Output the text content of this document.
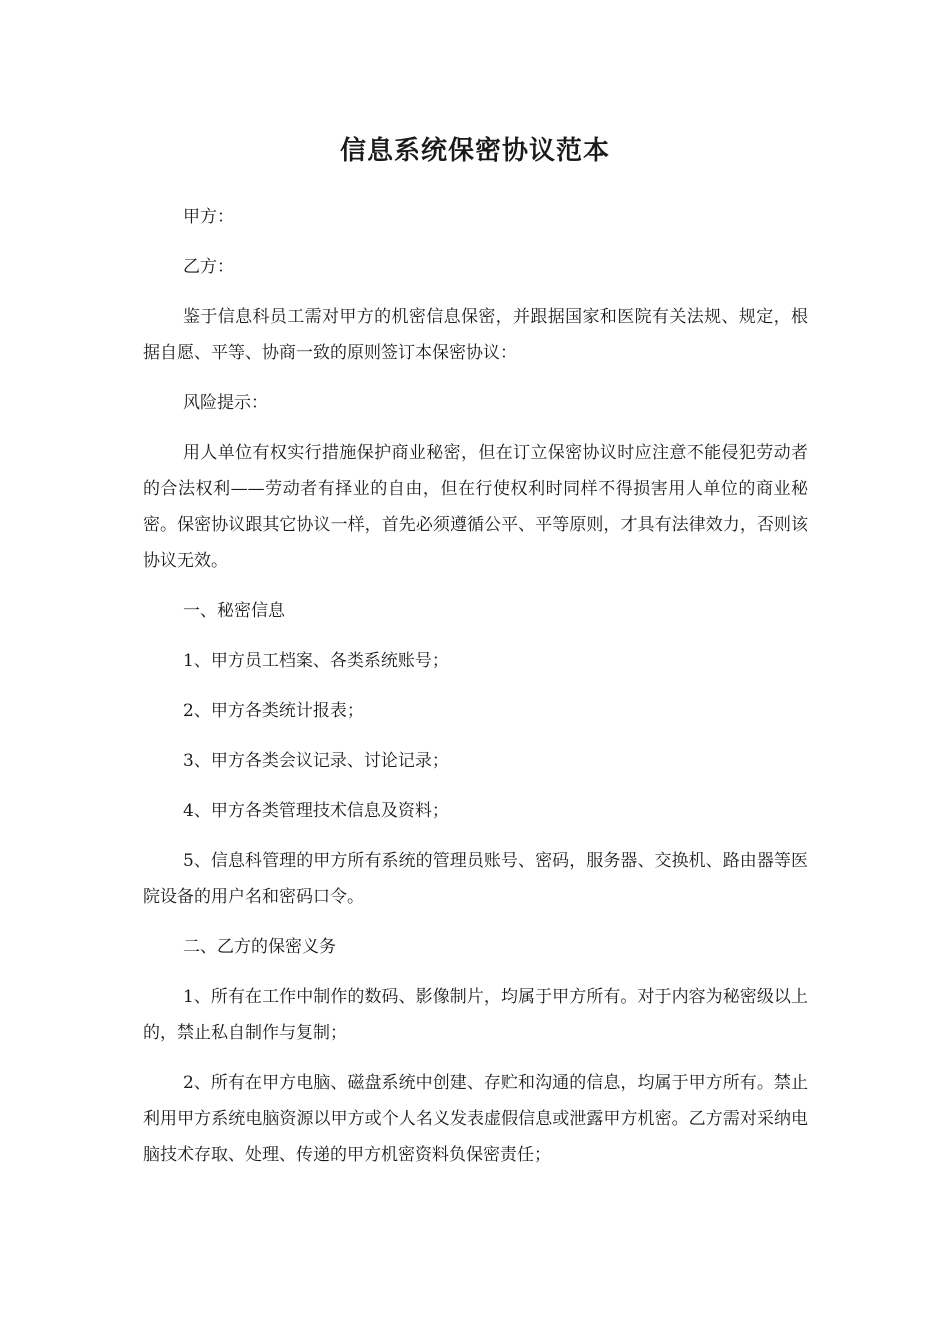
信息系统保密协议范本

甲方：

乙方：

鉴于信息科员工需对甲方的机密信息保密，并跟据国家和医院有关法规、规定，根据自愿、平等、协商一致的原则签订本保密协议：

风险提示：

用人单位有权实行措施保护商业秘密，但在订立保密协议时应注意不能侵犯劳动者的合法权利——劳动者有择业的自由，但在行使权利时同样不得损害用人单位的商业秘密。保密协议跟其它协议一样，首先必须遵循公平、平等原则，才具有法律效力，否则该协议无效。

一、秘密信息

1、甲方员工档案、各类系统账号；

2、甲方各类统计报表；

3、甲方各类会议记录、讨论记录；

4、甲方各类管理技术信息及资料；

5、信息科管理的甲方所有系统的管理员账号、密码，服务器、交换机、路由器等医院设备的用户名和密码口令。

二、乙方的保密义务

1、所有在工作中制作的数码、影像制片，均属于甲方所有。对于内容为秘密级以上的，禁止私自制作与复制；

2、所有在甲方电脑、磁盘系统中创建、存贮和沟通的信息，均属于甲方所有。禁止利用甲方系统电脑资源以甲方或个人名义发表虚假信息或泄露甲方机密。乙方需对采纳电脑技术存取、处理、传递的甲方机密资料负保密责任；
